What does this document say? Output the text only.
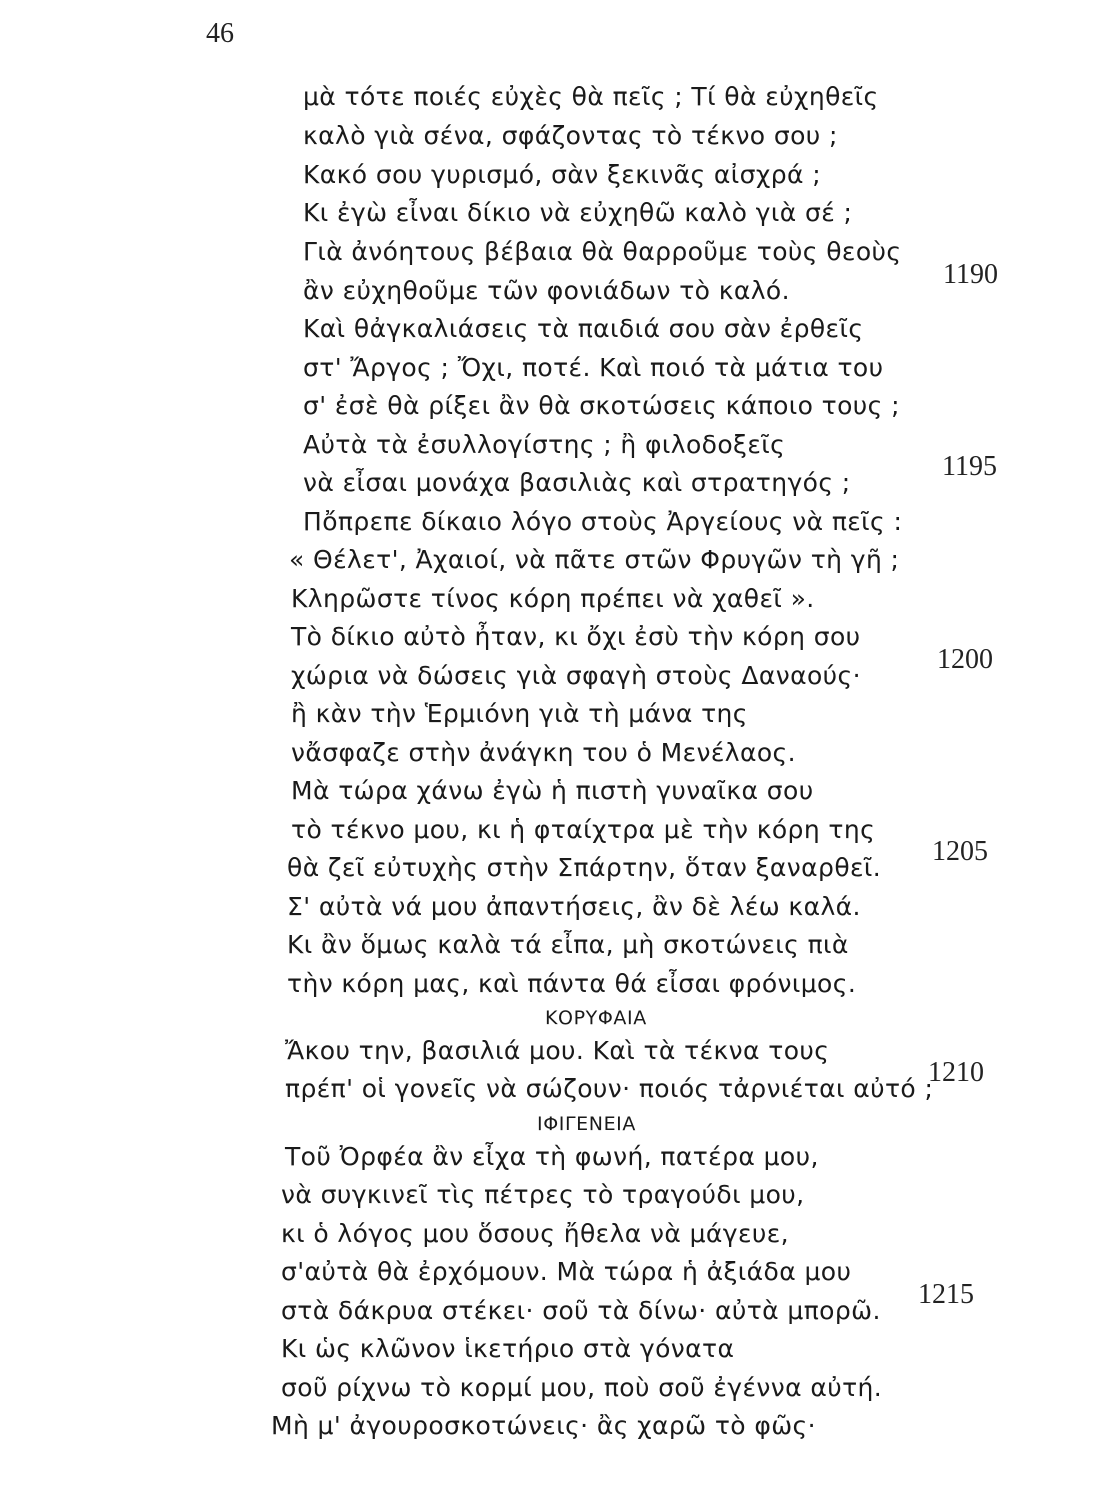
46
μὰ τότε ποιές εὐχὲς θὰ πεῖς ; Τί θὰ εὐχηθεῖς
καλὸ γιὰ σένα, σφάζοντας τὸ τέκνο σου ;
Κακό σου γυρισμό, σὰν ξεκινᾶς αἰσχρά ;
Κι ἐγὼ εἶναι δίκιο νὰ εὐχηθῶ καλὸ γιὰ σέ ;
Γιὰ ἀνόητους βέβαια θὰ θαρροῦμε τοὺς θεοὺς
ἂν εὐχηθοῦμε τῶν φονιάδων τὸ καλό.
Καὶ θἀγκαλιάσεις τὰ παιδιά σου σὰν ἐρθεῖς
στ' Ἄργος ; Ὄχι, ποτέ. Καὶ ποιό τὰ μάτια του
σ' ἐσὲ θὰ ρίξει ἂν θὰ σκοτώσεις κάποιο τους ;
Αὐτὰ τὰ ἐσυλλογίστης ; ἢ φιλοδοξεῖς
νὰ εἶσαι μονάχα βασιλιὰς καὶ στρατηγός ;
Πὄπρεπε δίκαιο λόγο στοὺς Ἀργείους νὰ πεῖς :
« Θέλετ', Ἀχαιοί, νὰ πᾶτε στῶν Φρυγῶν τὴ γῆ ;
Κληρῶστε τίνος κόρη πρέπει νὰ χαθεῖ ».
Τὸ δίκιο αὐτὸ ἦταν, κι ὄχι ἐσὺ τὴν κόρη σου
χώρια νὰ δώσεις γιὰ σφαγὴ στοὺς Δαναούς·
ἢ κὰν τὴν Ἑρμιόνη γιὰ τὴ μάνα της
νἄσφαζε στὴν ἀνάγκη του ὁ Μενέλαος.
Μὰ τώρα χάνω ἐγὼ ἡ πιστὴ γυναῖκα σου
τὸ τέκνο μου, κι ἡ φταίχτρα μὲ τὴν κόρη της
θὰ ζεῖ εὐτυχὴς στὴν Σπάρτην, ὅταν ξαναρθεῖ.
Σ' αὐτὰ νά μου ἀπαντήσεις, ἂν δὲ λέω καλά.
Κι ἂν ὅμως καλὰ τά εἶπα, μὴ σκοτώνεις πιὰ
τὴν κόρη μας, καὶ πάντα θά εἶσαι φρόνιμος.
ΚΟΡΥΦΑΙΑ
Ἄκου την, βασιλιά μου. Καὶ τὰ τέκνα τους
πρέπ' οἱ γονεῖς νὰ σώζουν· ποιός τἀρνιέται αὐτό ;
ΙΦΙΓΕΝΕΙΑ
Τοῦ Ὀρφέα ἂν εἶχα τὴ φωνή, πατέρα μου,
νὰ συγκινεῖ τὶς πέτρες τὸ τραγούδι μου,
κι ὁ λόγος μου ὅσους ἤθελα νὰ μάγευε,
σ'αὐτὰ θὰ ἐρχόμουν. Μὰ τώρα ἡ ἀξιάδα μου
στὰ δάκρυα στέκει· σοῦ τὰ δίνω· αὐτὰ μπορῶ.
Κι ὡς κλῶνον ἱκετήριο στὰ γόνατα
σοῦ ρίχνω τὸ κορμί μου, ποὺ σοῦ ἐγέννα αὐτή.
Μὴ μ' ἀγουροσκοτώνεις· ἂς χαρῶ τὸ φῶς·
1190
1195
1200
1205
1210
1215
